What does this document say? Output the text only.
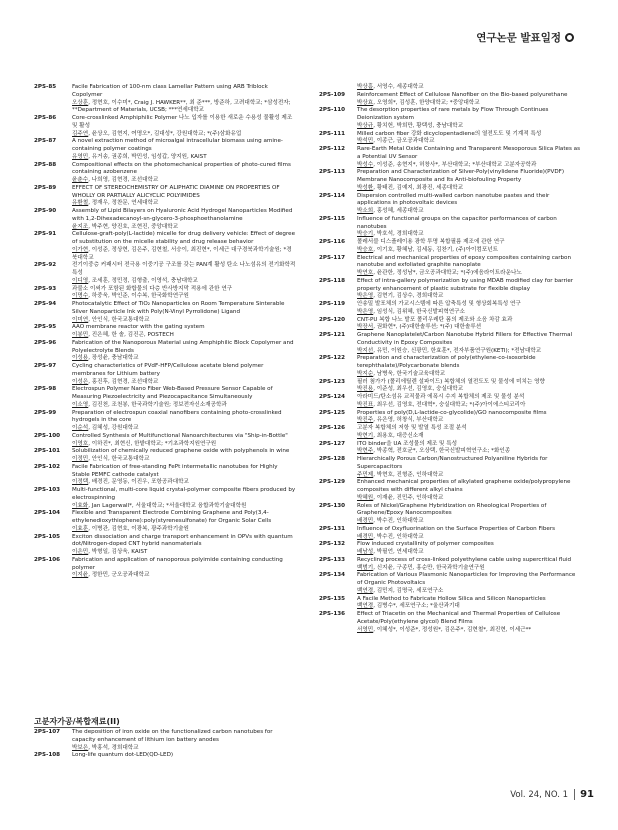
연구논문 발표일정
2PS-85	Facile Fabrication of 100-nm class Lamellar Pattern using ARB Triblock Copolymer
오상훈, 정현호, 이수미*, Craig J. HAWKER**, 최 준***, 방준하, 고려대학교; *삼성전자; **Department of Materials, UCSB; ***연세대학교
2PS-86	Core-crosslinked Amphiphilic Polymer 나노 입자를 이용한 새로운 수용성 물활성 제조 및 활성
김주연, 윤상오, 김현지, 여명오*, 김대성*, 강원대학교; *(주)삼화유업
2PS-87	A novel extraction method of microalgal intracellular biomass using amine-containing polymer coatings
유영민, 유거송, 권종희, 박민성, 임성갑, 양지원, KAIST
2PS-88	Compositional effects on the photomechanical properties of photo-cured films containing azobenzene
윤춘수, 나희영, 김현경, 조선대학교
2PS-89	EFFECT OF STEREOCHEMISTRY OF ALIPHATIC DIAMINE ON PROPERTIES OF WHOLLY OR PARTIALLY ALICYCLIC POLYIMIDES
유환철, 정재우, 정찬문, 연세대학교
2PS-90	Assembly of Lipid Bilayers on Hyaluronic Acid Hydrogel Nanoparticles Modified with 1,2-Dihexadecanoyl-sn-glycero-3-phosphoethanolamine
윤지조, 박주현, 양진호, 조현진, 중앙대학교
2PS-91	Cellulose-graft-poly(L-lactide) micelle for drug delivery vehicle: Effect of degree of substitution on the micelle stability and drug release behavior
이가현, 이성준, 정상현, 김은주, 김현철, 서승이, 최진현*, 이세근 대구경북과학기술원; *경북대학교
2PS-92	전기이중층 커패시터 전극용 이중기공 구조를 갖는 PAN계 활성 탄소 나노섬유의 전기화학적 특성
이디영, 조세훈, 정민정, 김형출, 이영석, 충남대학교
2PS-93	과불소 이써가 포함된 화합물의 다층 반사방지막 적용에 관한 연구
이명수, 하중욱, 박인준, 이수복, 한국화학연구원
2PS-94	Photocatalytic Effect of TiO₂ Nanoparticles on Room Temperature Sinterable Silver Nanoparticle Ink with Poly(N-Vinyl Pyrrolidone) Ligand
이미연, 안인식, 한국교통대학교
2PS-95	AAO membrane reactor with the gating system
이봉민, 진은혜, 한 솔, 김진곤, POSTECH
2PS-96	Fabrication of the Nanoporous Material using Amphiphilic Block Copolymer and Polyelectrolyte Blends
이성용, 장성윤, 충남대학교
2PS-97	Cycling characteristics of PVdF-HFP/Cellulose acetate blend polymer membranes for Lithium battery
이성은, 홍진후, 김현경, 조선대학교
2PS-98	Electrospun Polymer Nano Fiber Web-Based Pressure Sensor Capable of Measuring Piezoelectricity and Piezocapacitance Simultaneously
이소영, 김진천, 조천봉, 한국과학기술원; 정보전자신소재공학과
2PS-99	Preparation of electrospun coaxial nanofibers containing photo-crosslinked hydrogels in the core
이순석, 김혜성, 강원대학교
2PS-100	Controlled Synthesis of Multifunctional Nanoarchitectures via "Ship-in-Bottle"
이영호, 이하진*, 최현신, 한밭대학교; *기초과학지원연구원
2PS-101	Solubilization of chemically reduced graphene oxide with polyphenols in wine
이정민, 안인식, 한국교통대학교
2PS-102	Facile Fabrication of free-standing FePt intermetallic nanotubes for Highly Stable PEMFC cathode catalyst
이정택, 배경진, 문영동, 이진우, 포항공과대학교
2PS-103	Multi-functional, multi-core liquid crystal-polymer composite fibers produced by electrospinning
이효화, Jan Lagerwall*, 서울대학교; *서울대학교 융합과학기술대학원
2PS-104	Flexible and Transparent Electrode Combining Graphene and Poly(3,4-ethylenedioxythiophene):poly(styrenesulfonate) for Organic Solar Cells
이효훈, 이병관, 김현호, 이광복, 광주과학기술원
2PS-105	Exciton dissociation and charge transport enhancement in OPVs with quantum dot/Nitrogen-doped CNT hybrid nanomaterials
이은민, 박형일, 김상욱, KAIST
2PS-106	Fabrication and application of nanoporous polyimide containing conducting polymer
이지윤, 정한민, 군오공과대학교
박상흠, 서영수, 세종대학교
2PS-109	Reinforcement Effect of Cellulose Nanofiber on the Bio-based polyurethane
박상효, 오영희*, 김성훈, 한양대학교; *중앙대학교
2PS-110	The desorption properties of rare metals by Flow Through Continues Deionization system
박상규, 황치헌, 박희만, 황택성, 충남대학교
2PS-111	Milled carbon fiber 강화 dicyclopentadiene의 열전도도 및 기계적 특성
박석민, 이종근, 금오공과대학교
2PS-112	Rare-Earth Metal Oxide Containing and Transparent Mesoporous Silica Plates as a Potential UV Sensor
박성수, 이성준, 송현지*, 허창사*, 부산대학교; *부산대학교 고분자공학과
2PS-113	Preparation and Characterization of Silver-Poly(vinylidene Fluoride)(PVDF) Membrane Nanocomposite and Its Anti-biofouling Property
박성환, 황태진, 김예지, 최광진, 세종대학교
2PS-114	Dispersion controlled multi-walled carbon nanotube pastes and their applications in photovoltaic devices
박소희, 홍성혜, 세종대학교
2PS-115	Influence of functional groups on the capacitor performances of carbon nanotubes
박승기, 박호석, 경희대학교
2PS-116	폴레서블 디스플레이용 광학 투명 복합필름 제조에 관한 연구
박승호, 이기호, 황혜남, 김세동, 김찬기, (주)아이컴포넌트
2PS-117	Electrical and mechanical properties of epoxy composites containing carbon nanotube and exfoliated graphite nanoplate
박연호, 윤관한, 정성남*, 금오공과대학교; *(주)에음라이트라운나노
2PS-118	Effect of intra-gallery polymerization by using MDAB modified clay for barrier property enhancement of plastic substrate for flexible display
박은영, 김현기, 김상수, 경희대학교
2PS-119	안송밀 발포체의 가교시스템에 따른 압축특성 및 형상회복특성 연구
박은영, 임성식, 김위혜, 한국신발피혁연구소
2PS-120	CNT-PU 복합 나노 발포 폴리우레탄 폼의 제조와 소음 차감 효과
박장서, 권화현*, (주)대한솔루션; *(주) 대한솔루션
2PS-121	Graphene Nanoplatelet/Carbon Nanotube Hybrid Fillers for Effective Thermal Conductivity in Epoxy Composites
박지선, 유민, 이원승, 신광민, 한효훈*, 전자부품연구원(KETI); *전남대학교
2PS-122	Preparation and characterization of poly(ethylene-co-isosorbide terephthalate)/Polycarbonate blends
박지순, 남병욱, 한국기술교육대학교
2PS-123	필러 첨가가 (폴리에틸렌 설파이드) 복합체의 열전도도 및 물성에 미치는 영향
박진용, 이준성, 최우선, 김영호, 숭실대학교
2PS-124	아라미드/탄소섬유 교직물과 에폭시 수지 복합체의 제조 및 물성 분석
박진표, 최우선, 김영호, 전대혁*, 숭실대학교; *(주)아이에스티코리아
2PS-125	Properties of poly(D,L-lactide-co-glycolide)/GO nanocomposite films
박진주, 유은영, 허창식, 부산대학교
2PS-126	고분자 복합체의 저항 및 발열 특성 조절 분석
박현기, 최용호, 대증신소재
2PS-127	ITO binder을 UA 조성물의 제조 및 특성
박현주, 박종혁, 전호균*, 오상택, 한국신발피혁연구소; *화인종
2PS-128	Hierarchically Porous Carbon/Nanostructured Polyaniline Hybrids for Supercapacitors
주민제, 박현호, 진형준, 인하대학교
2PS-129	Enhanced mechanical properties of alkylated graphene oxide/polypropylene composites with different alkyl chains
박혜원, 이재윤, 진민주, 인하대학교
2PS-130	Roles of Nickel/Graphene Hybridization on Rheological Properties of Graphene/Epoxy Nanocomposites
배경민, 박수진, 인하대학교
2PS-131	Influence of Oxyfluorination on the Surface Properties of Carbon Fibers
배경민, 박수진, 인하대학교
2PS-132	Flow induced crystallinity of polymer composites
배남성, 박필언, 연세대학교
2PS-133	Recycling process of cross-linked polyethylene cable using supercritical fluid
백범기, 신지윤, 구종민, 홍순만, 한국과학기술연구원
2PS-134	Fabrication of Various Plasmonic Nanoparticles for Improving the Performance of Organic Photovoltaics
백연경, 김민지, 김명국, 세포연구소
2PS-135	A Facile Method to Fabricate Hollow Silica and Silicon Nanoparticles
백연경, 김병수*, 세포연구소; *울산과기대
2PS-136	Effect of Triacetin on the Mechanical and Thermal Properties of Cellulose Acetate/Poly(ethylene glycol) Blend Films
서영민, 이혜성*, 이성준*, 정성원*, 김은주*, 김현철*, 최진현, 이세근**
고분자가공/복합재료(II)
2PS-107	The deposition of iron oxide on the functionalized carbon nanotubes for capacity enhancement of lithium ion battery anodes
박보은, 박홍석, 경희대학교
2PS-108	Long-life quantum dot-LED(QD-LED)
Vol. 24, NO. 1	91
